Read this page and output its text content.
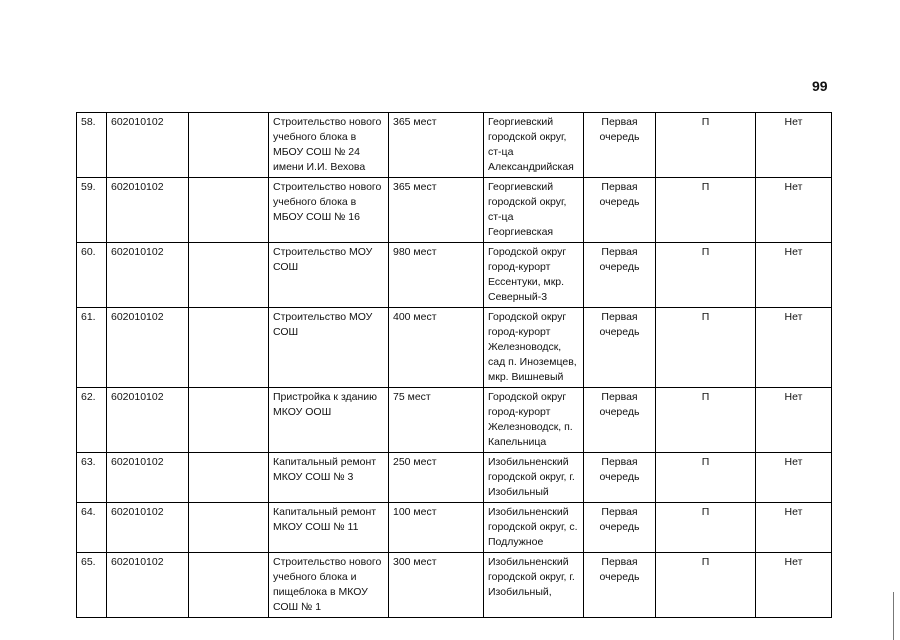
99
58.	602010102		Строительство нового учебного блока в МБОУ СОШ № 24 имени И.И. Вехова	365 мест	Георгиевский городской округ, ст-ца Александрийская	Первая очередь	П	Нет
59.	602010102		Строительство нового учебного блока в МБОУ СОШ № 16	365 мест	Георгиевский городской округ, ст-ца Георгиевская	Первая очередь	П	Нет
60.	602010102		Строительство МОУ СОШ	980 мест	Городской округ город-курорт Ессентуки, мкр. Северный-3	Первая очередь	П	Нет
61.	602010102		Строительство МОУ СОШ	400 мест	Городской округ город-курорт Железноводск, сад п. Иноземцев, мкр. Вишневый	Первая очередь	П	Нет
62.	602010102		Пристройка к зданию МКОУ ООШ	75 мест	Городской округ город-курорт Железноводск, п. Капельница	Первая очередь	П	Нет
63.	602010102		Капитальный ремонт МКОУ СОШ № 3	250 мест	Изобильненский городской округ, г. Изобильный	Первая очередь	П	Нет
64.	602010102		Капитальный ремонт МКОУ СОШ № 11	100 мест	Изобильненский городской округ, с. Подлужное	Первая очередь	П	Нет
65.	602010102		Строительство нового учебного блока и пищеблока в МКОУ СОШ № 1	300 мест	Изобильненский городской округ, г. Изобильный,	Первая очередь	П	Нет
